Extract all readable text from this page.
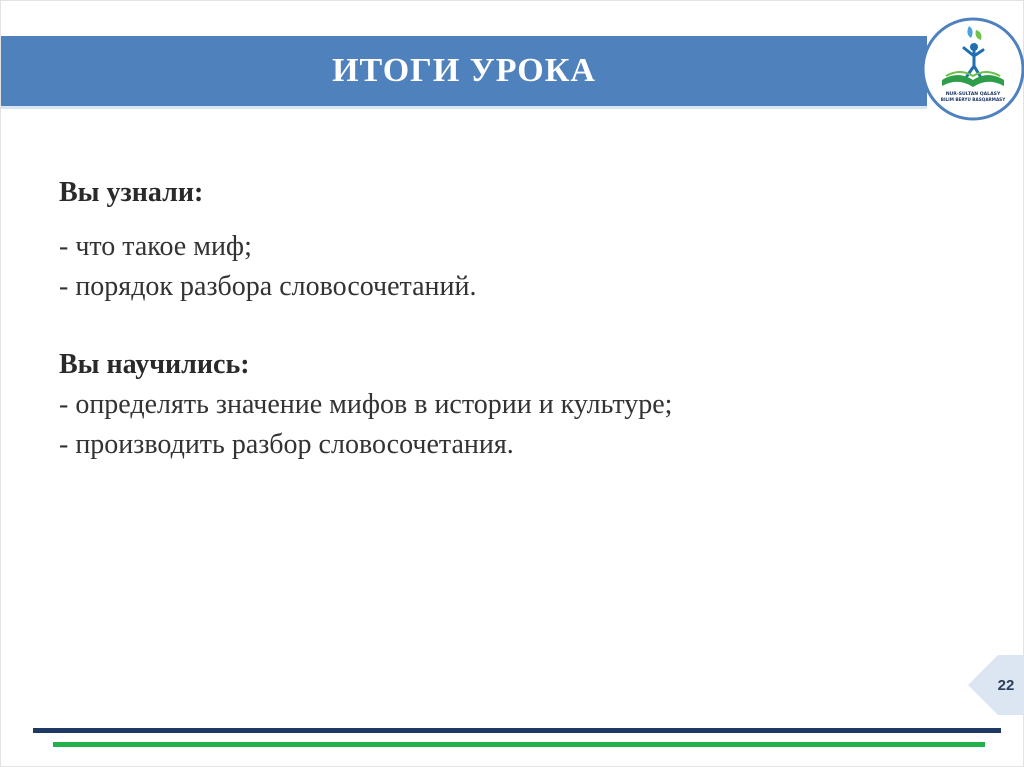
ИТОГИ УРОКА
NUR-SULTAN QALASY
BILIM BERYU BASQARMASY

Вы узнали:

- что такое миф;

- порядок разбора словосочетаний.

Вы научились:

- определять значение мифов в истории и культуре;

- производить разбор словосочетания.

22
